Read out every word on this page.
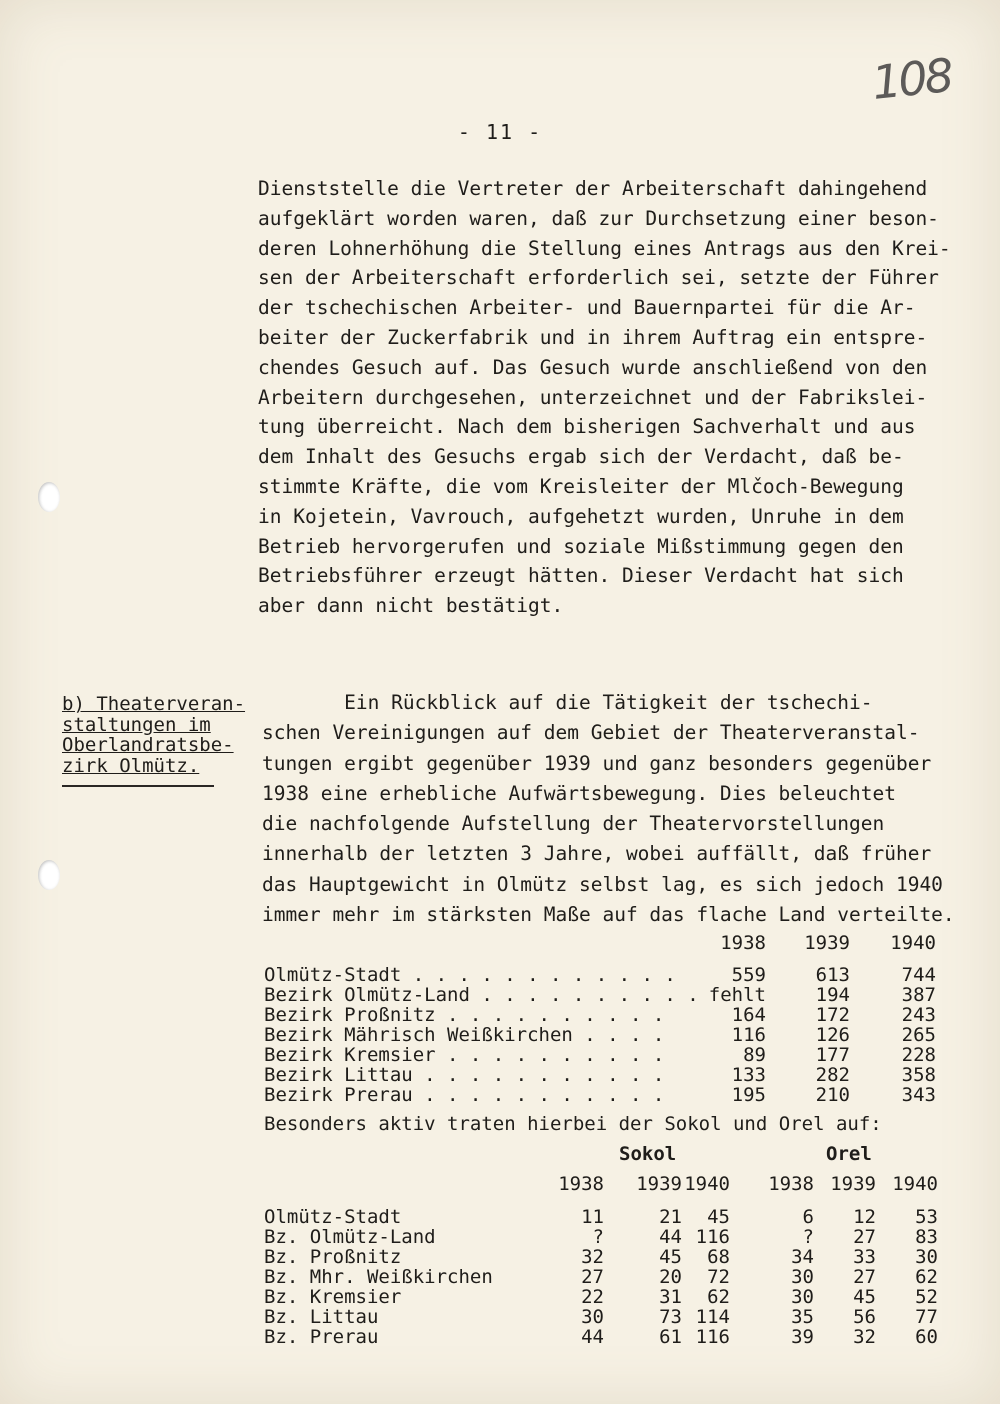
108
- 11 -
Dienststelle die Vertreter der Arbeiterschaft dahingehend
aufgeklärt worden waren, daß zur Durchsetzung einer beson-
deren Lohnerhöhung die Stellung eines Antrags aus den Krei-
sen der Arbeiterschaft erforderlich sei, setzte der Führer
der tschechischen Arbeiter- und Bauernpartei für die Ar-
beiter der Zuckerfabrik und in ihrem Auftrag ein entspre-
chendes Gesuch auf. Das Gesuch wurde anschließend von den
Arbeitern durchgesehen, unterzeichnet und der Fabrikslei-
tung überreicht. Nach dem bisherigen Sachverhalt und aus
dem Inhalt des Gesuchs ergab sich der Verdacht, daß be-
stimmte Kräfte, die vom Kreisleiter der Mlčoch-Bewegung
in Kojetein, Vavrouch, aufgehetzt wurden, Unruhe in dem
Betrieb hervorgerufen und soziale Mißstimmung gegen den
Betriebsführer erzeugt hätten. Dieser Verdacht hat sich
aber dann nicht bestätigt.
b) Theaterveran-
staltungen im
Oberlandratsbe-
zirk Olmütz.
Ein Rückblick auf die Tätigkeit der tschechi-
schen Vereinigungen auf dem Gebiet der Theaterveranstal-
tungen ergibt gegenüber 1939 und ganz besonders gegenüber
1938 eine erhebliche Aufwärtsbewegung. Dies beleuchtet
die nachfolgende Aufstellung der Theatervorstellungen
innerhalb der letzten 3 Jahre, wobei auffällt, daß früher
das Hauptgewicht in Olmütz selbst lag, es sich jedoch 1940
immer mehr im stärksten Maße auf das flache Land verteilte.
1938 1939 1940
Olmütz-Stadt . . . . . . . . . . . .	559	613	744
Bezirk Olmütz-Land . . . . . . . . . . fehlt	194	387
Bezirk Proßnitz . . . . . . . . . .	164	172	243
Bezirk Mährisch Weißkirchen . . . .	116	126	265
Bezirk Kremsier . . . . . . . . . .	89	177	228
Bezirk Littau . . . . . . . . . . .	133	282	358
Bezirk Prerau . . . . . . . . . . .	195	210	343
Besonders aktiv traten hierbei der Sokol und Orel auf:
Sokol	Orel
1938 1939 1940 1938 1939 1940
Olmütz-Stadt	11	21 45	6 12 53
Bz. Olmütz-Land	?	44 116	? 27 83
Bz. Proßnitz	32	45 68	34 33 30
Bz. Mhr. Weißkirchen	27	20 72	30 27 62
Bz. Kremsier	22	31 62	30 45 52
Bz. Littau	30	73 114	35 56 77
Bz. Prerau	44	61 116	39 32 60
